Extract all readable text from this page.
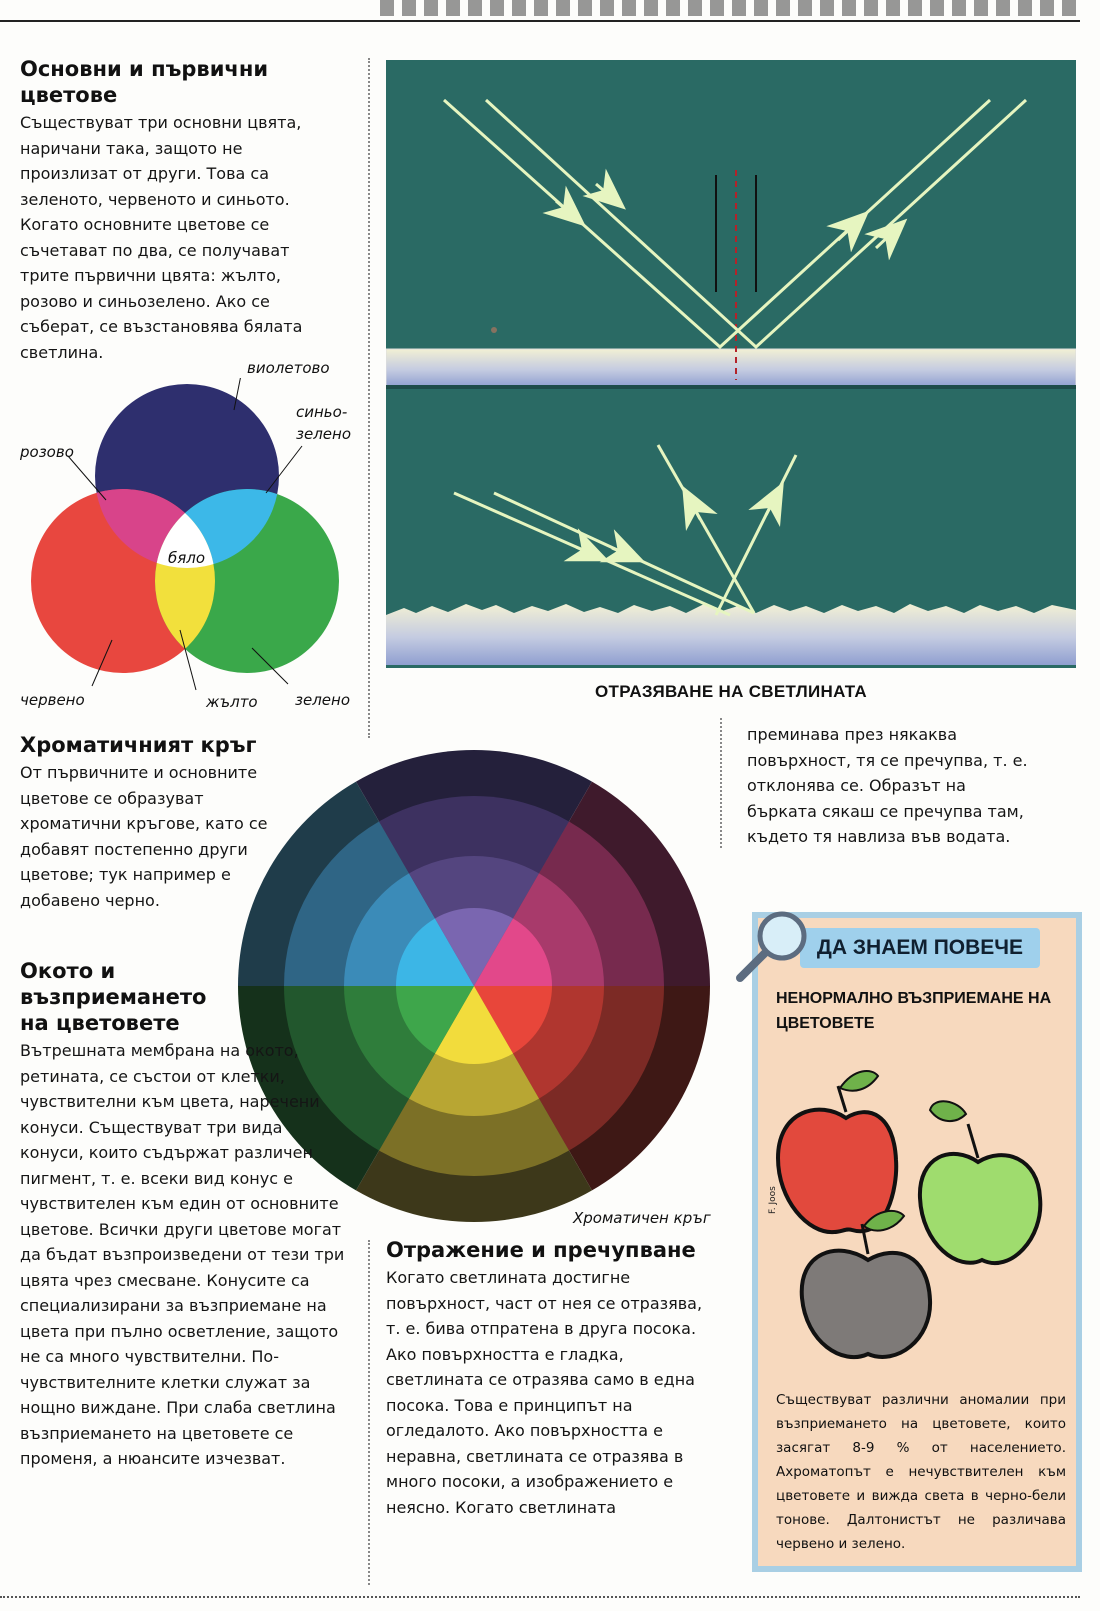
Основни и първични цветове
Съществуват три основни цвята, наричани така, защото не произлизат от други. Това са зеленото, червеното и синьото. Когато основните цветове се съчетават по два, се получават трите първични цвята: жълто, розово и синьозелено. Ако се съберат, се възстановява бялата светлина.
виолетово
синьо-
зелено
розово
бяло
червено	жълто зелено	ОТРАЗЯВАНЕ НА СВЕТЛИНАТА
Хроматичният кръг
От първичните и основните цветове се образуват хроматични кръгове, като се добавят постепенно други цветове; тук например е добавено черно.
Хроматичен кръг
Окото и възприемането на цветовете
Вътрешната мембрана на окото, ретината, се състои от клетки, чувствителни към цвета, наречени конуси. Съществуват три вида конуси, които съдържат различен пигмент, т. е. всеки вид конус е чувствителен към един от основните цветове. Всички други цветове могат да бъдат възпроизведени от тези три цвята чрез смесване. Конусите са специализирани за възприемане на цвета при пълно осветление, защото не са много чувствителни. По-чувствителните клетки служат за нощно виждане. При слаба светлина възприемането на цветовете се променя, а нюансите изчезват.
Отражение и пречупване
Когато светлината достигне повърхност, част от нея се отразява, т. е. бива отпратена в друга посока. Ако повърхността е гладка, светлината се отразява само в една посока. Това е принципът на огледалото. Ако повърхността е неравна, светлината се отразява в много посоки, а изображението е неясно. Когато светлината
преминава през някаква повърхност, тя се пречупва, т. е. отклонява се. Образът на бърката сякаш се пречупва там, където тя навлиза във водата.
ДА ЗНАЕМ ПОВЕЧЕ
НЕНОРМАЛНО ВЪЗПРИЕМАНЕ НА ЦВЕТОВЕТЕ
F. Joos
Съществуват различни аномалии при възприемането на цветовете, които засягат 8-9 % от населението. Ахроматопът е нечувствителен към цветовете и вижда света в черно-бели тонове. Далтонистът не различава червено и зелено.
